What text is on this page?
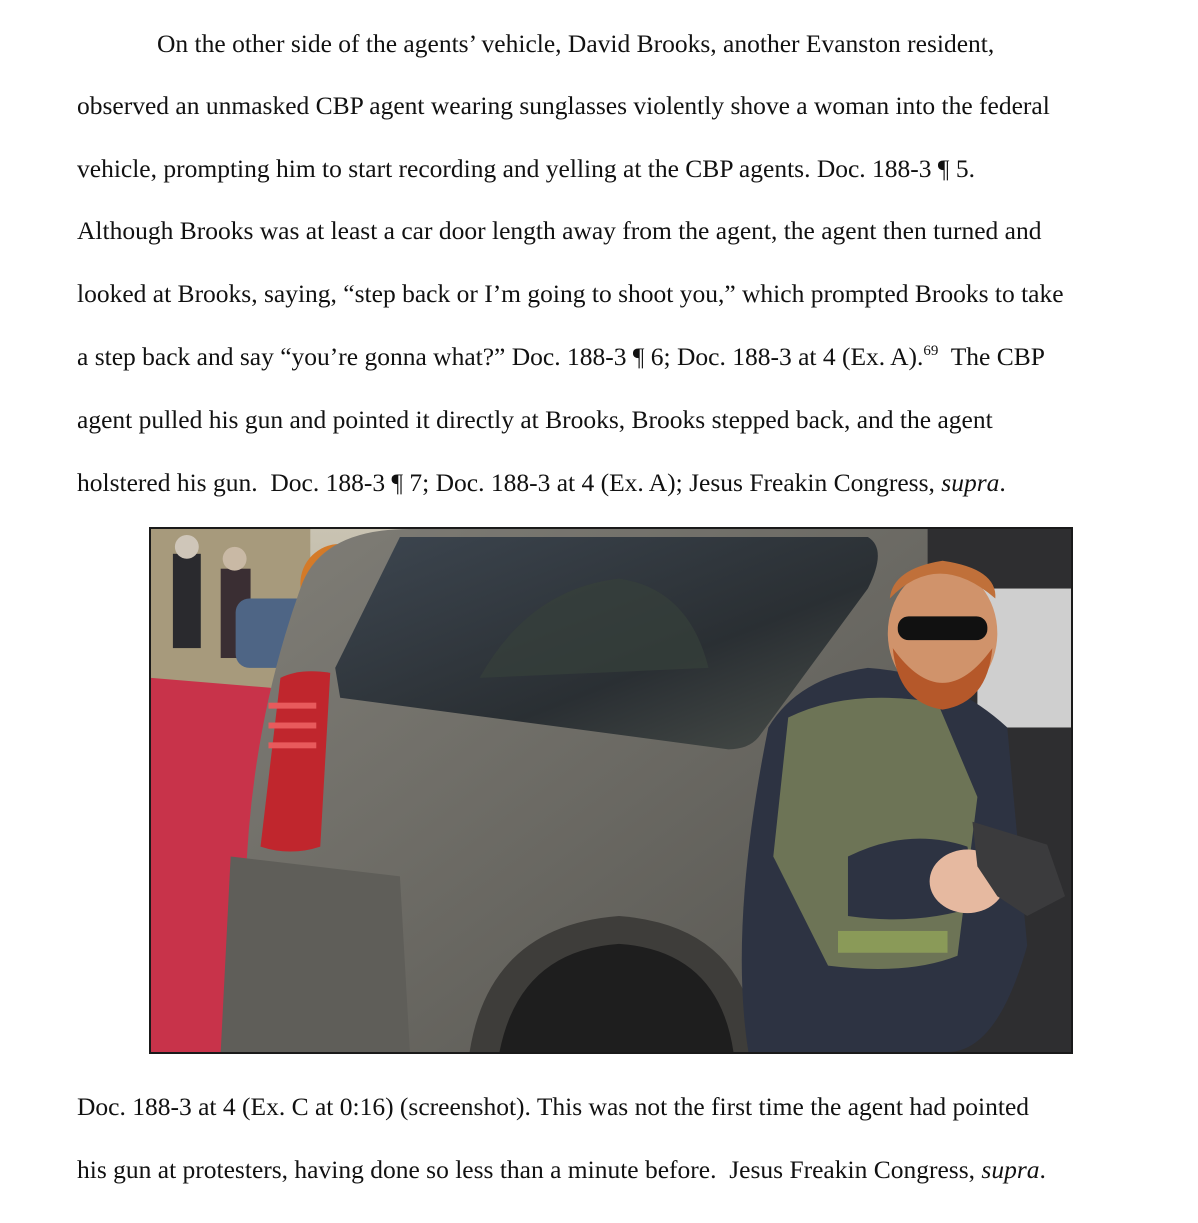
On the other side of the agents’ vehicle, David Brooks, another Evanston resident,
observed an unmasked CBP agent wearing sunglasses violently shove a woman into the federal
vehicle, prompting him to start recording and yelling at the CBP agents. Doc. 188-3 ¶ 5.
Although Brooks was at least a car door length away from the agent, the agent then turned and
looked at Brooks, saying, “step back or I’m going to shoot you,” which prompted Brooks to take
a step back and say “you’re gonna what?” Doc. 188-3 ¶ 6; Doc. 188-3 at 4 (Ex. A).$^{69}$  The CBP
agent pulled his gun and pointed it directly at Brooks, Brooks stepped back, and the agent
holstered his gun.  Doc. 188-3 ¶ 7; Doc. 188-3 at 4 (Ex. A); Jesus Freakin Congress, supra.
Doc. 188-3 at 4 (Ex. C at 0:16) (screenshot). This was not the first time the agent had pointed
his gun at protesters, having done so less than a minute before.  Jesus Freakin Congress, supra.
